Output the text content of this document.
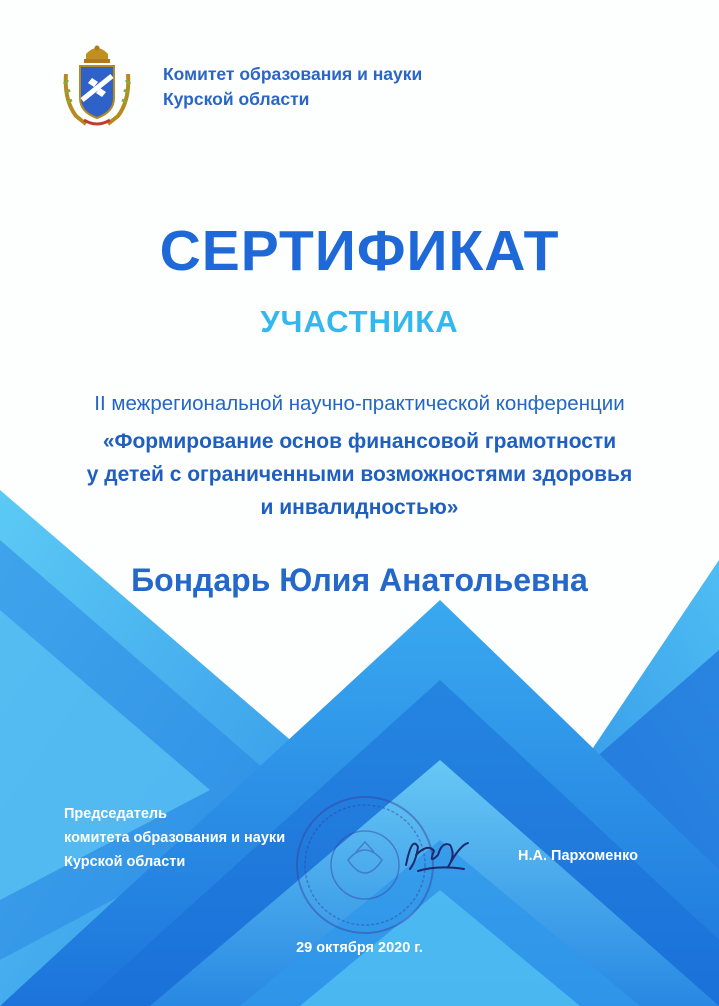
Комитет образования и науки
Курской области
СЕРТИФИКАТ
УЧАСТНИКА
II межрегиональной научно-практической конференции
«Формирование основ финансовой грамотности
у детей с ограниченными возможностями здоровья
и инвалидностью»
Бондарь Юлия Анатольевна
Председатель
комитета образования и науки
Курской области	Н.А. Пархоменко
29 октября 2020 г.
